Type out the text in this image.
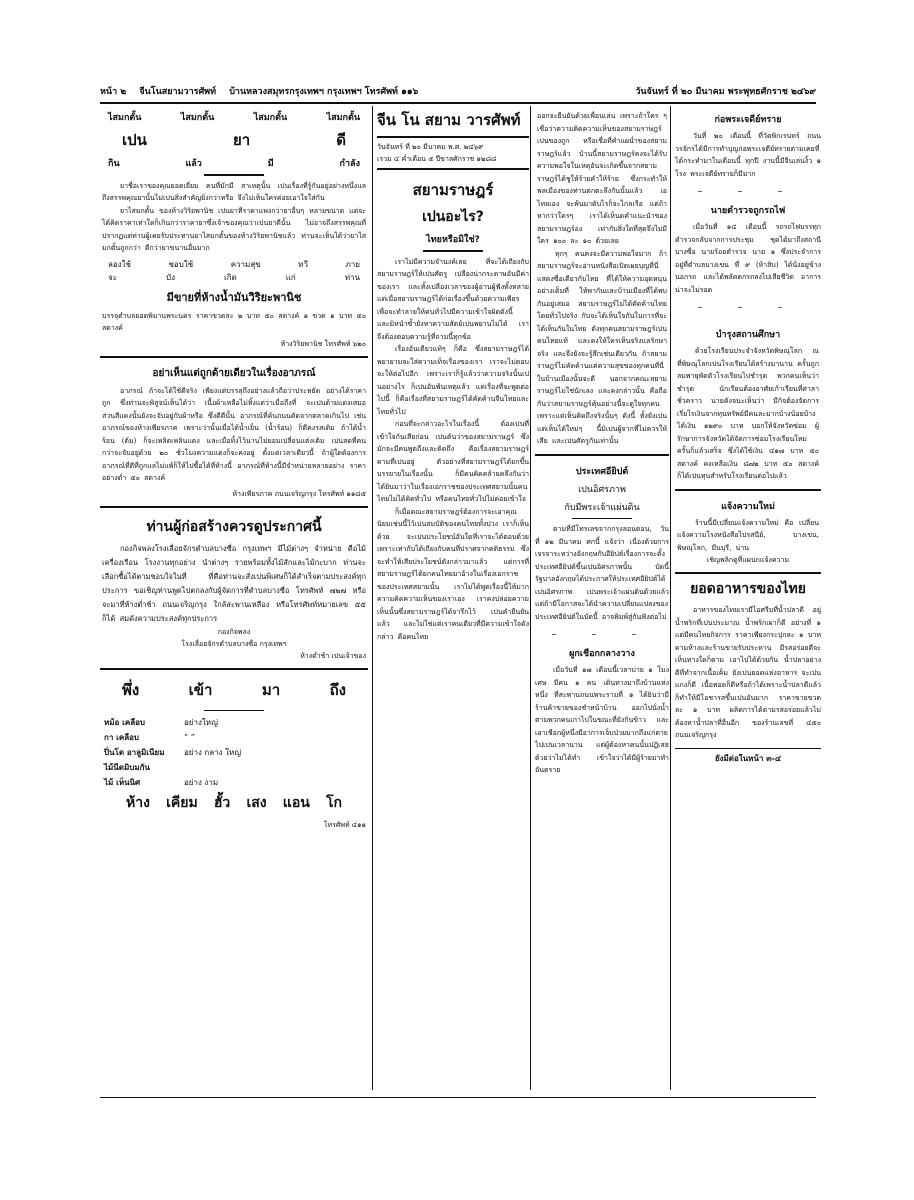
หน้า ๒ จีนโนสยามวารศัพท์ บ้านหลวงสมุทรกรุงเทพฯ กรุงเทพฯ โทรศัพท์ ๑๑๖	วันจันทร์ ที่ ๒๐ มีนาคม พระพุทธศักราช ๒๔๖๙
ไสมกตั้น	ไสมกตั้น	ไสมกตั้น	ไสมกตั้น
เปน	ยา	ดี
กิน	แล้ว	มี	กำลัง

ยาชื่อเราของคุณยอดเยี่ยม คนที่มักมี สาเหตุนั้น เปนเรื่องที่รู้กันอยู่อย่างหนึ่งแล ถึงสรรพคุณยานั้นไม่เปนสิ่งสำคัญยิ่งกว่าหรือ จึงไม่เห็นใครค่อยเอาใจใส่กัน

ยาไสมกตั้น ของห้างวิริยพานิช เปนยาที่ราคาแพงกว่ายาอื่นๆ หลายขนาด แต่จะได้คิดราคาเท่าใดก็เกินกว่าราคายาซึ่งเจ้าของคุณว่าเปนยาดีนั้น ไม่อาจถึงสรรพคุณที่ปรากฏแต่ท่านผู้เคยรับประทานยาไสมกตั้นของห้างวิริยพานิชแล้ว ท่านจะเห็นได้ว่ายาไสมกตั้นถูกกว่า ดีกว่ายาขนานอื่นมาก

ลองใช้	ชอบใช้	ความสุข	ทวี	ภาย
จะ	บัง	เกิด	แก่	ท่าน
มีขายที่ห้างน้ำมันวิริยะพานิช

บรรจุตำบลยอดพิมานพระนคร ราคาขวดละ ๒ บาท ๕๐ สตางค์ ๑ ขวด ๑ บาท ๕๐ สตางค์

ห้างวิริยพานิช โทรศัพท์ ๖๒๐
อย่าเห็นแต่ถูกด้ายเดียวในเรื่องอาภรณ์

อาภรณ์ ถ้าจะได้ใช้ดีจริง เพียงแต่บรรลุถึงอย่างแล้วถือว่าประหยัด อย่างได้ราคาถูก ซึ่งท่านจะพิสูจน์เห็นได้ว่า เนื้อผ้าเหลือไม่ทิ้งแต่ว่าเมื่อถึงที่ จะเปนด้ายแดงเสมอ ส่วนสีแดงนั้นยังจะจับอยู่กับผ้าหรือ ซึ่งดีดีนั้น อาภรณ์ที่ค้นถนนตัดจากตลาดเกินไป เช่นอาภรณ์ของห้างเพียรภาค เพราะว่านั้นเมื่อได้น้ำเย็น (น้ำร้อน) ก็ดีคงรสเดิม ถ้าได้น้ำร้อน (ต้ม) ก็จะเพลิดเพลินแดง และเมื่อทิ้งไว้นานไม่ยอมเปลี่ยนแต่งเติม เปนสดที่คนกว่าจะจับอยู่ด้วย ๒๐ ชั่วโมงความแดงก็จะคงอยู่ ตั้งแต่เวลาเดียวนี้ ถ้าผู้ใดต้องการอาภรณ์ที่ดีที่ถูกแลไม่แพ้ก็ให้ไปซื้อได้ที่ห้างนี้ อาภรณ์ที่ห้างนี้มีจำหน่ายหลายอย่าง ราคาอย่างต่ำ ๕๐ สตางค์

ห้างเพียรภาค ถนนเจริญกรุง โทรศัพท์ ๑๑๘๕
ท่านผู้ก่อสร้างควรดูประกาศนี้

กองกิจพลงโรงเลื่อยจักรตำบลบางซื่อ กรุงเทพฯ มีไม้ต่างๆ จำหน่าย คือไม้เครื่องเรือน โรงงานทุกอย่าง นำต่างๆ รายพร้อมทั้งไม้สักและไม้กะบาก ท่านจะเลือกซื้อได้ตามชอบใจในที่ ที่คือท่านจะสั่งเปนพิเศษก็ได้สำเร็จตามประสงค์ทุกประการ ขอเชิญท่านพูดไปตกลงกับผู้จัดการที่ตำบลบางซื่อ โทรศัพท์ ๗๒๗ หรือจะมาที่ห้างต่ำช้า ถนนเจริญกรุง ใกล้สะพานเหลือง หรือโทรศัพท์หมายเลข ๕๕ ก็ได้ สมดังความประสงค์ทุกประการ

กองกิจพลง
โรงเลื่อยจักรตำบลบางซื่อ กรุงเทพฯ
ห้างต่ำช้า เปนเจ้าของ
พึ่ง	เข้า	มา	ถึง
หม้อ เคลือบ	อย่างใหญ่
กา เคลือบ	” ”
ปิ่นโต อาลูมิเนียม	อย่าง กลาง ใหญ่
ไม้นีดมิบมกัน
ไม้ เห็นนิศ	อย่าง งาม
ห้าง เคียม ฮั้ว เสง แอน โก
โทรศัพท์ ๔๑๑
จีน โน สยาม วารศัพท์
วันจันทร์ ที่ ๒๐ มีนาคม พ.ศ. ๒๔๖๙
เรวม ๔ ค่ำเดือน ๕ ปีขาลศักราช ๑๒๘๘
สยามราษฎร์
เปนอะไร?
ไทยหรือมิใช่?

เราไม่มีความจำนงค์เลย ที่จะได้เถียงกับสยามราษฎร์ให้เปนศัตรู เปลืองน่ากระดาษอันมีค่าของเรา และทั้งเปลืองเวลาของผู้อ่านผู้ฟังทั้งหลาย แต่เมื่อสยามราษฎร์ได้ก่อเรื่องขึ้นด้วยความเพียรเพื่อจะทำลายให้คนทั่วไปมีความเข้าใจผิดดังนี้ และมิหนำซ้ำยังหาความสัตย์เปนพยานไม่ได้ เราจึงต้องตอบความรู้ที่ถามนี้ทุกข้อ

เรื่องอันเดียวแท้ๆ ก็คือ ซึ่งสยามราษฎร์ได้พยายามจะใส่ความเท็จเรื่องของเรา เราจะไม่ตอบจะให้ต่อไปอีก เพราะเราก็รู้แล้วว่าความจริงนั้นเปนอย่างไร ก็เปนอันพ้นเหตุแล้ว แต่เรื่องที่จะพูดต่อไปนี้ ก็คือเรื่องที่สยามราษฎร์ได้คัดค้านจีนไทยและไทยทั่วไป

ก่อนที่จะกล่าวอะไรในเรื่องนี้ ต้องเปนที่เข้าใจกันเสียก่อน เปนต้นว่าของสยามราษฎร์ ซึ่งมักจะมีคนพูดถึงและคิดถึง คือเรื่องสยามราษฎร์ตามที่เปนอยู่ ตัวอย่างที่สยามราษฎร์ได้ยกขึ้นบรรยายในเรื่องนั้น ก็มีคนคิดคล้ายคลึงกันว่า ได้ยินมาว่าในเรื่องเอกราชของประเทศสยามนั้นคนไทยไม่ได้คิดทั่วไป หรือคนไทยทั่วไปไม่ค่อยเข้าใจ

ก็เมื่อคณะสยามราษฎร์ต้องการจะเอาคุณนิยมเช่นนี้ไว้เปนสมบัติของคนไทยทั้งปวง เราก็เห็นด้วย จะเปนประโยชน์อันใดที่เราจะได้ตอบด้วย เพราะเท่ากับได้เถียงกับคนที่ปราศจากคติธรรม ซึ่งจะทำให้เสียประโยชน์ดังกล่าวมาแล้ว แต่การที่สยามราษฎร์ได้ยกคนไทยมาอ้างในเรื่องเอกราชของประเทศสยามนั้น เราไม่ได้พูดเรื่องนี้ให้มาก ความคิดความเห็นของเราเอง เราคงปล่อยความเห็นนั้นซึ่งสยามราษฎร์ได้จารึกไว้ เปนคำยืนยันแล้ว และไม่ใช่แต่เราคนเดียวที่มีความเข้าใจดังกล่าว คือคนไทย

ออกจะยืนยันด้วยเพื่อนเล่น เพราะถ้าใคร ๆ เชื่อว่าความคิดความเห็นของสยามราษฎร์เปนของถูก หรือเชื่อที่คำแผน่ำของสยามราษฎร์แล้ว บ้านนี้สยามราษฎร์คงจะได้รับความพอใจในเหตุอันจะเกิดขึ้นจากสยามราษฎร์ได้ชูให้ร้ายคำให้ร้าย ซึ่งกระทำให้พลเมืองของท่านตกตะลึงกันนั้นแล้ว เอ ไทยเอง จะพ้นมาดับไรก็จะไกลเรือ แต่ถ้าหากว่าใครๆ เราได้เห็นดคำแนะนำของสยามราษฎร์อง เท่ากับสิ่งใดที่สุดจึงไม่มีใคร ๑๐๐ ละ ๑๐ ด้วยเลย

ทุกๆ คนคงจะมีความพอใจมาก ถ้าสยามราษฎร์จะอ่านหนังสือเปิดเผยบุญที่นี่แสดงซื่อเดียวกับไทย ที่ได้ให้ความอุดหนุนอย่างเต็มที่ ให้พากันและบ้านเมืองที่ได้พบกันอยู่เสมอ สยามราษฎร์ไม่ได้คัดค้านไทยโดยทั่วไปจริง กับจะได้เห็นใจกันในการที่จะได้เห็นกันในไทย ดังทุกคนสยามราษฎร์เปนคนไทยแท้ และคงให้ใครเห็นจริงแลรักษาจริง และจึงยังจะรู้สึกเช่นเดียวกัน ถ้าสยามราษฎร์ไม่คัดค้านแต่ความสุขของทุกคนที่นี่ในบ้านเมืองนั้นจะดี นอกจากคณะสยามราษฎร์ไม่ใช่นักเลง และคงกล่าวนั้น คือถือกันว่าสยามราษฎร์คุ้นอย่างนี้จะดูใจทุกคน เพราะแต่เห็นคิดถึงจริงนั้นๆ ดังนี้ ทั้งยังเปนแต่เห็นได้ใหม่ๆ นี้มิเปนผู้จากที่ไม่ควรให้เสีย และเปนศัตรูกันเท่านั้น

ประเทศอียิปต์
เปนอิศรภาพ
กับมีพระเจ้าแผ่นดิน

ตามที่มีโทรเลขจากกรุงลอนดอน, วันที่ ๑๒ มีนาคม ศกนี้ แจ้งว่า เนื่องด้วยการเจรจาระหว่างอังกฤษกับอียิปต์เรื่องการจะตั้งประเทศอียิปต์ขึ้นเปนอิศรภาพนั้น บัดนี้รัฐบาลอังกฤษได้ประกาศให้ประเทศอียิปต์ได้เปนอิศรภาพ เปนพระเจ้าแผ่นดินด้วยแล้ว แต่ถ้ามีโอกาสจะได้นำความเปลี่ยนแปลงของประเทศอียิปต์ในบัดนี้ อาจพิมพ์สู่กันฟังต่อไป

– – –
ผูกเชือกกลางวาง

เมื่อวันที่ ๑๗ เดือนนี้เวลาบ่าย ๑ โมงเศษ มีคน ๑ คน เดินทางมาถึงบ้านแห่งหนึ่ง ที่สะพานถนนพระรามที่ ๑ ได้ยินว่ามีร้านค้าขายของชำหน้าบ้าน ออกไปนั่งน้ำ ตามพวกคนเก่าไปในขณะที่ยังกินข้าว และเอาเชือกผู้หนึ่งมีอาการเจ็บป่วยมากถึงแก่ตายไปเปนเวลานาน แต่ผู้ต้องหาคนนั้นปฏิเสธด้วยว่าไม่ได้ทำ เข้าใจว่าได้มีผู้ร้ายมาทำอันตราย

ก่อพระเจดีย์ทราย

วันที่ ๒๐ เดือนนี้ ที่วัดพิกเรนทร์ ถนนวรจักรได้มีการทำบุญก่อพระเจดีย์ทรายตามเคยที่ได้กระทำมาในเดือนนี้ ทุกปี งานนี้มีจีนเล่นงิ้ว ๑ โรง พระเจดีย์ทรายก็มีมาก

– – –
นายตำรวจถูกรถไฟ

เมื่อวันที่ ๑๔ เดือนนี้ รถรถไฟบรรทุกตำรวจกลับจากการประชุม ชุดได้มาถึงสถานีบางซื่อ นายร้อยตำรวจ นาย ๑ ซึ่งประจำการอยู่ที่ตำบลบางเขน ที่ ๙ (ห้าสิบ) ได้นั่งอยู่ข้างนอกรถ และได้พลัดตกรถลงไปเสียชีวิต อาการน่าจะไม่รอด

– – –
บำรุงสถานศึกษา

ด้วยโรงเรียนประจำจังหวัดพิษณุโลก ณ ที่พิษณุโลกเปนโรงเรียนได้สร้างมานาน ครั้นถูกลมพายุพัดตัวโรงเรียนไปชำรุด พวกคนเห็นว่าชำรุด นักเรียนต้องอาศัยเก้าเรียนที่ศาลาชั่วคราว นายคังจนะเห็นว่า มีกิจต้องจัดการเรี่ยไรเงินจากทุนทรัพย์มีคนละมากบ้างน้อยบ้าง ได้เงิน ๑๒๙๐ บาท บอกให้จังหวัดซ่อม ผู้รักษาการจังหวัดได้จัดการซ่อมโรงเรียนใหม่ ครั้นก็แล้วเสร็จ ซึ่งได้ใช้เงิน ๔๑๗ บาท ๕๐ สตางค์ คงเหลือเงิน ๘๗๒ บาท ๕๐ สตางค์ ก็ได้เปนทุนสำหรับโรงเรียนต่อไปแล้ว

แจ้งความใหม่

ร้านนี้มีเปลี่ยนแจ้งความใหม่ คือ เปลี่ยนแจ้งความโรงหนังสือไปรสนีย์, บางเขน, พิษณุโลก, มีนบุรี, น่าน

เชิญพลิกดูที่แผนกแจ้งความ
ยอดอาหารของไทย

อาหารของไทยเรามีไอศรีมที่น้ำปลาดี อยู่น้ำพริกที่เปนประมาณ น้ำพริกเผาก็ดี อย่างที่ ๑ แต่มีคนไทยกิจการ ราคาเพียงกระปุกละ ๑ บาท ตามห้างและร้านขายรับประทาน มีรสอร่อยดีจะเห็นทางใดก็ตาม เอาไปได้ด้วยกัน น้ำปลาอย่างดีที่ทำจากเนื้อเค็ม ยังเปนยอดแห่งอาหาร จะเปนแกงก็ดี เนื้อทอดก็ดีหรือถ้าได้เพราะน้ำปลาดีแล้วก็ทำให้มีโอชารสขึ้นเปนอันมาก ราคาขายขวดละ ๑ บาท ผลิตการได้ตามรสอร่อยแล้วไม่ต้องหาน้ำปลาที่อื่นอีก ของร้านเลขที่ ๔๕๐ ถนนเจริญกรุง

ยังมีต่อในหน้า ๓-๔
